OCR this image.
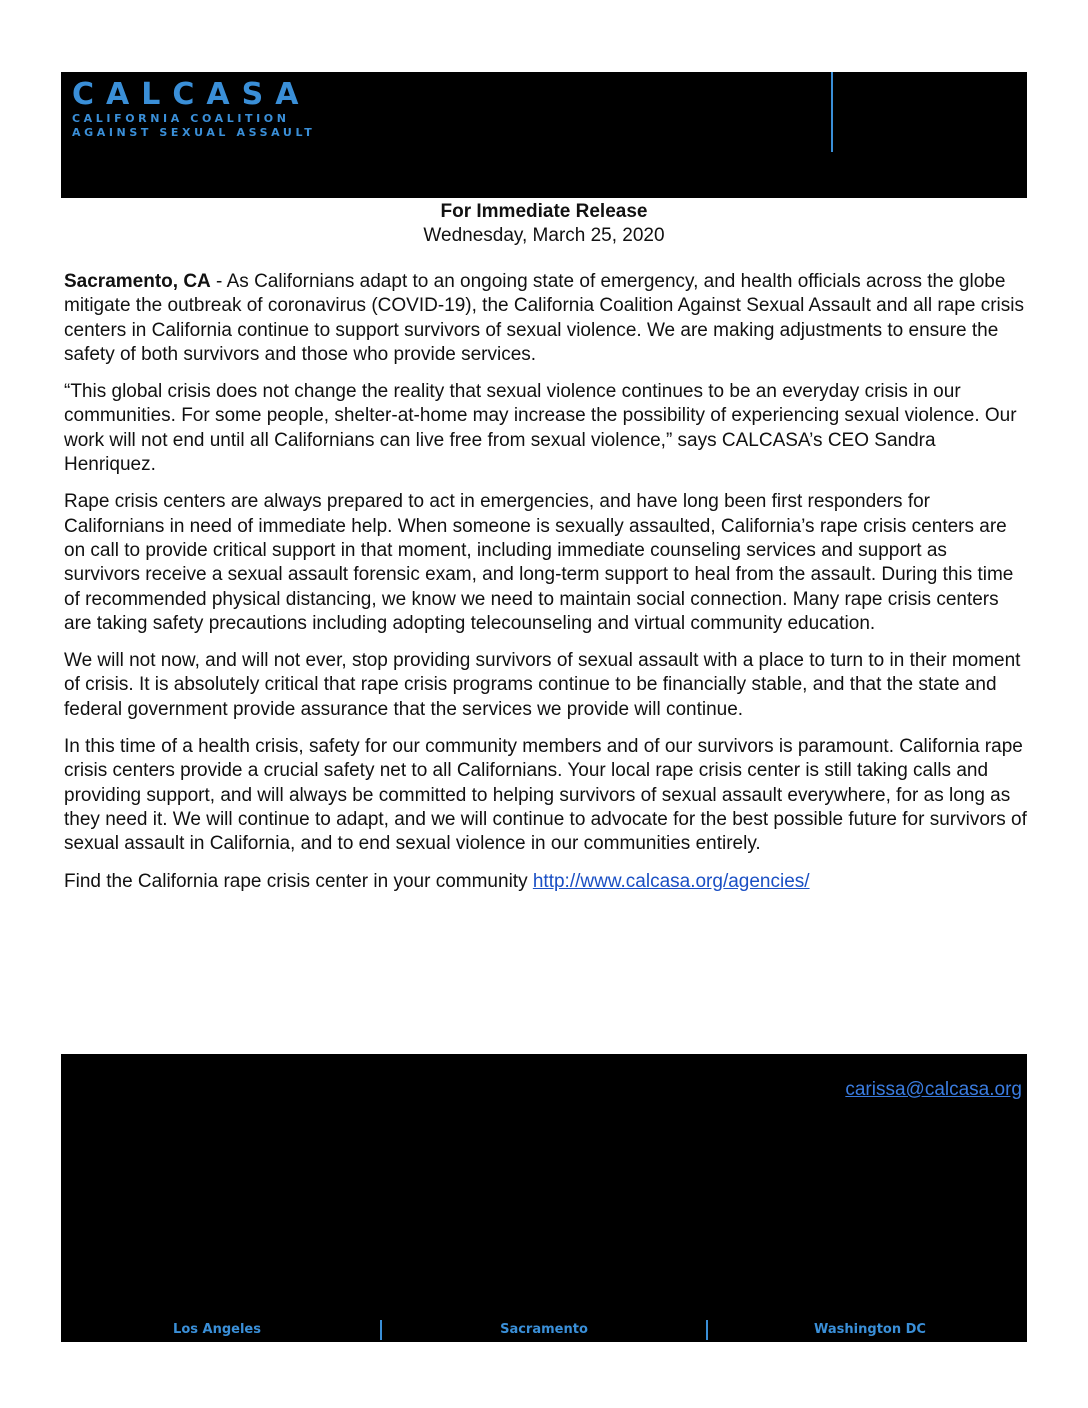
CALCASA
CALIFORNIA COALITION
AGAINST SEXUAL ASSAULT
For Immediate Release
Wednesday, March 25, 2020

Sacramento, CA - As Californians adapt to an ongoing state of emergency, and health officials across the globe mitigate the outbreak of coronavirus (COVID-19), the California Coalition Against Sexual Assault and all rape crisis centers in California continue to support survivors of sexual violence. We are making adjustments to ensure the safety of both survivors and those who provide services.

“This global crisis does not change the reality that sexual violence continues to be an everyday crisis in our communities. For some people, shelter-at-home may increase the possibility of experiencing sexual violence. Our work will not end until all Californians can live free from sexual violence,” says CALCASA’s CEO Sandra Henriquez.

Rape crisis centers are always prepared to act in emergencies, and have long been first responders for Californians in need of immediate help. When someone is sexually assaulted, California’s rape crisis centers are on call to provide critical support in that moment, including immediate counseling services and support as survivors receive a sexual assault forensic exam, and long-term support to heal from the assault. During this time of recommended physical distancing, we know we need to maintain social connection. Many rape crisis centers are taking safety precautions including adopting telecounseling and virtual community education.

We will not now, and will not ever, stop providing survivors of sexual assault with a place to turn to in their moment of crisis. It is absolutely critical that rape crisis programs continue to be financially stable, and that the state and federal government provide assurance that the services we provide will continue.

In this time of a health crisis, safety for our community members and of our survivors is paramount. California rape crisis centers provide a crucial safety net to all Californians. Your local rape crisis center is still taking calls and providing support, and will always be committed to helping survivors of sexual assault everywhere, for as long as they need it. We will continue to adapt, and we will continue to advocate for the best possible future for survivors of sexual assault in California, and to end sexual violence in our communities entirely.

Find the California rape crisis center in your community http://www.calcasa.org/agencies/

carissa@calcasa.org
Los Angeles	Sacramento	Washington DC
